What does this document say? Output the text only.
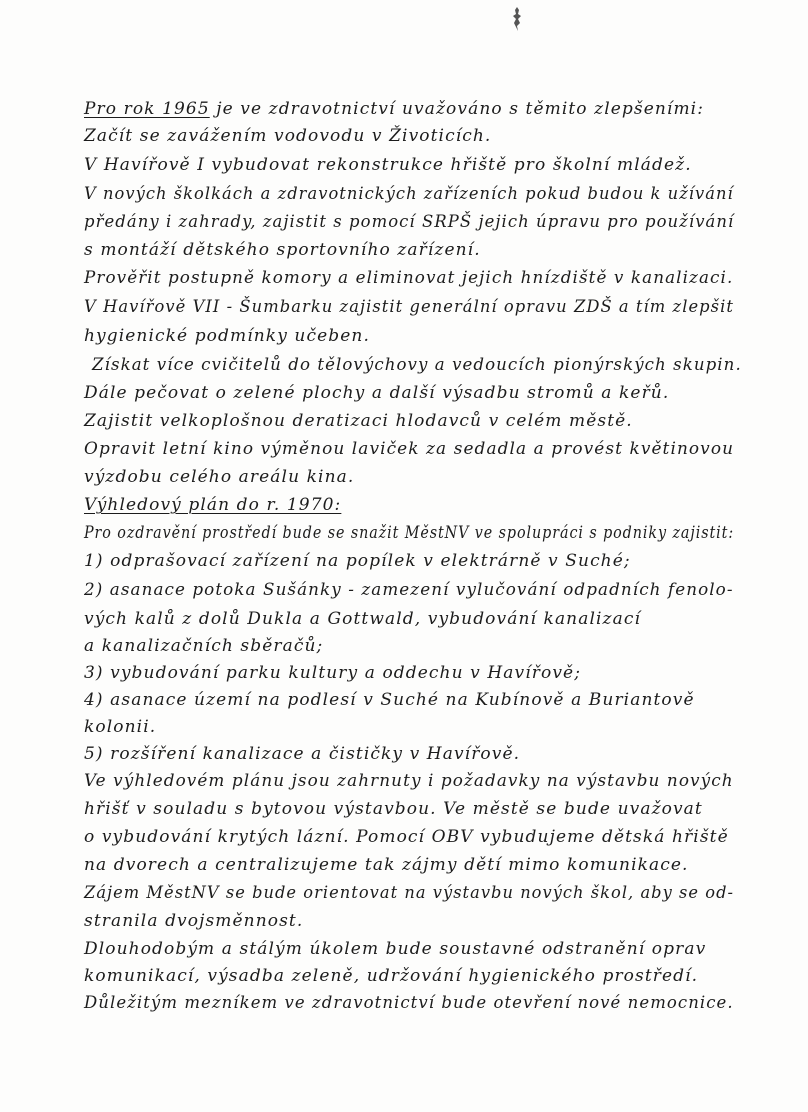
Pro rok 1965 je ve zdravotnictví uvažováno s těmito zlepšeními:
Začít se zavážením vodovodu v Životicích.
V Havířově I vybudovat rekonstrukce hřiště pro školní mládež.
V nových školkách a zdravotnických zařízeních pokud budou k užívání
předány i zahrady, zajistit s pomocí SRPŠ jejich úpravu pro používání
s montáží dětského sportovního zařízení.
Prověřit postupně komory a eliminovat jejich hnízdiště v kanalizaci.
V Havířově VII - Šumbarku zajistit generální opravu ZDŠ a tím zlepšit
hygienické podmínky učeben.
Získat více cvičitelů do tělovýchovy a vedoucích pionýrských skupin.
Dále pečovat o zelené plochy a další výsadbu stromů a keřů.
Zajistit velkoplošnou deratizaci hlodavců v celém městě.
Opravit letní kino výměnou laviček za sedadla a provést květinovou
výzdobu celého areálu kina.
Výhledový plán do r. 1970:
Pro ozdravění prostředí bude se snažit MěstNV ve spolupráci s podniky zajistit:
1) odprašovací zařízení na popílek v elektrárně v Suché;
2) asanace potoka Sušánky - zamezení vylučování odpadních fenolo-
vých kalů z dolů Dukla a Gottwald, vybudování kanalizací
a kanalizačních sběračů;
3) vybudování parku kultury a oddechu v Havířově;
4) asanace území na podlesí v Suché na Kubínově a Buriantově
kolonii.
5) rozšíření kanalizace a čističky v Havířově.
Ve výhledovém plánu jsou zahrnuty i požadavky na výstavbu nových
hřišť v souladu s bytovou výstavbou. Ve městě se bude uvažovat
o vybudování krytých lázní. Pomocí OBV vybudujeme dětská hřiště
na dvorech a centralizujeme tak zájmy dětí mimo komunikace.
Zájem MěstNV se bude orientovat na výstavbu nových škol, aby se od-
stranila dvojsměnnost.
Dlouhodobým a stálým úkolem bude soustavné odstranění oprav
komunikací, výsadba zeleně, udržování hygienického prostředí.
Důležitým mezníkem ve zdravotnictví bude otevření nové nemocnice.
